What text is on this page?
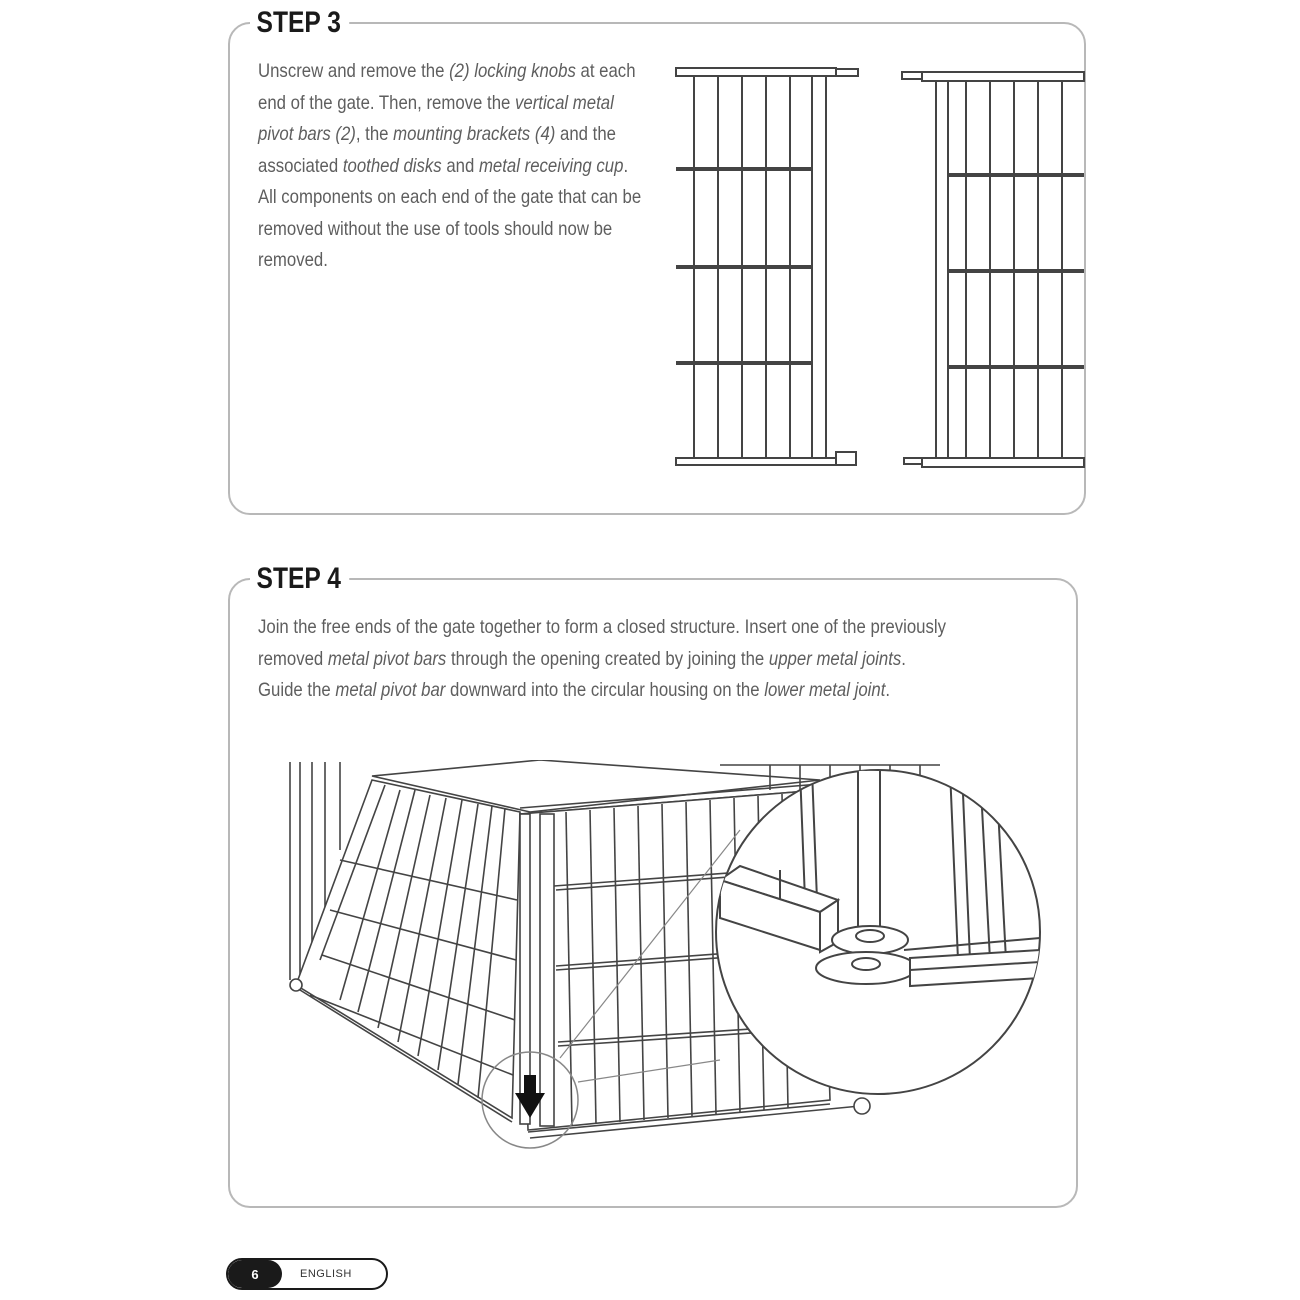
STEP 3
Unscrew and remove the (2) locking knobs at each end of the gate. Then, remove the vertical metal pivot bars (2), the mounting brackets (4) and the associated toothed disks and metal receiving cup. All components on each end of the gate that can be removed without the use of tools should now be removed.
STEP 4

Join the free ends of the gate together to form a closed structure. Insert one of the previously

removed metal pivot bars through the opening created by joining the upper metal joints.

Guide the metal pivot bar downward into the circular housing on the lower metal joint.

6	ENGLISH
